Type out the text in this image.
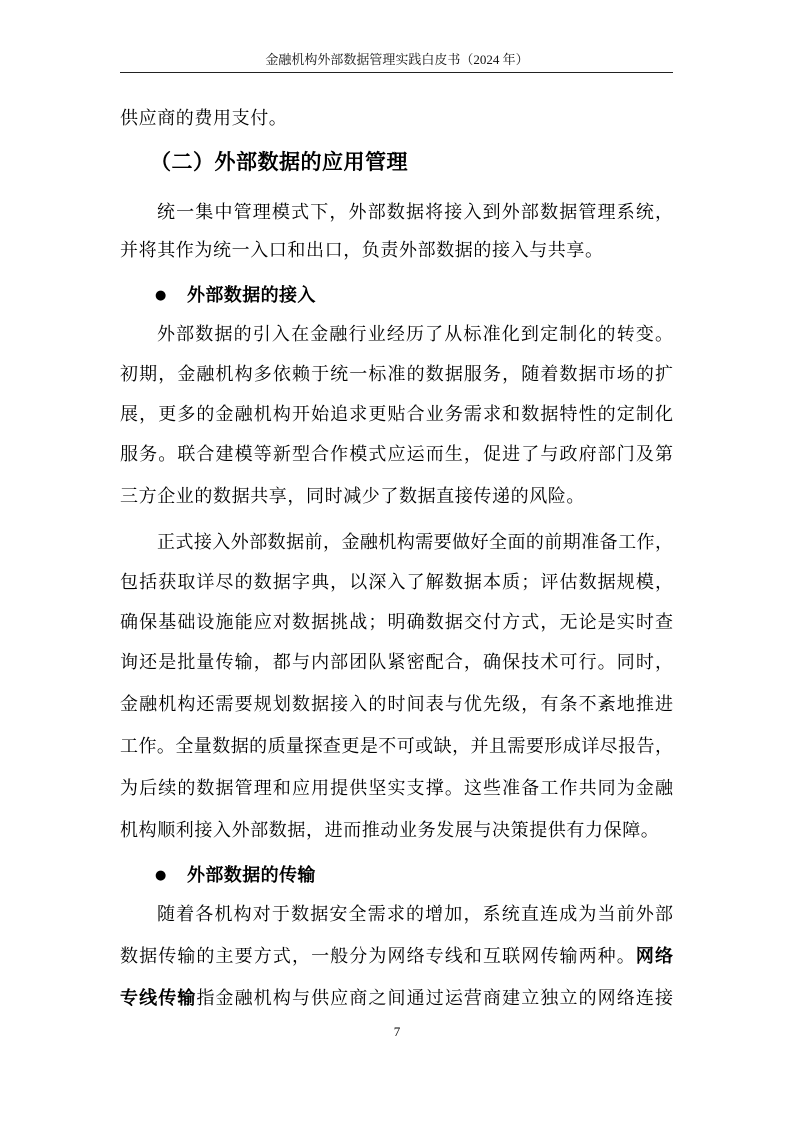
金融机构外部数据管理实践白皮书（2024 年）
供应商的费用支付。
（二）外部数据的应用管理
统一集中管理模式下，外部数据将接入到外部数据管理系统，
并将其作为统一入口和出口，负责外部数据的接入与共享。
● 外部数据的接入
外部数据的引入在金融行业经历了从标准化到定制化的转变。
初期，金融机构多依赖于统一标准的数据服务，随着数据市场的扩
展，更多的金融机构开始追求更贴合业务需求和数据特性的定制化
服务。联合建模等新型合作模式应运而生，促进了与政府部门及第
三方企业的数据共享，同时减少了数据直接传递的风险。
正式接入外部数据前，金融机构需要做好全面的前期准备工作，
包括获取详尽的数据字典，以深入了解数据本质；评估数据规模，
确保基础设施能应对数据挑战；明确数据交付方式，无论是实时查
询还是批量传输，都与内部团队紧密配合，确保技术可行。同时，
金融机构还需要规划数据接入的时间表与优先级，有条不紊地推进
工作。全量数据的质量探查更是不可或缺，并且需要形成详尽报告，
为后续的数据管理和应用提供坚实支撑。这些准备工作共同为金融
机构顺利接入外部数据，进而推动业务发展与决策提供有力保障。
● 外部数据的传输
随着各机构对于数据安全需求的增加，系统直连成为当前外部
数据传输的主要方式，一般分为网络专线和互联网传输两种。网络
专线传输指金融机构与供应商之间通过运营商建立独立的网络连接
7
